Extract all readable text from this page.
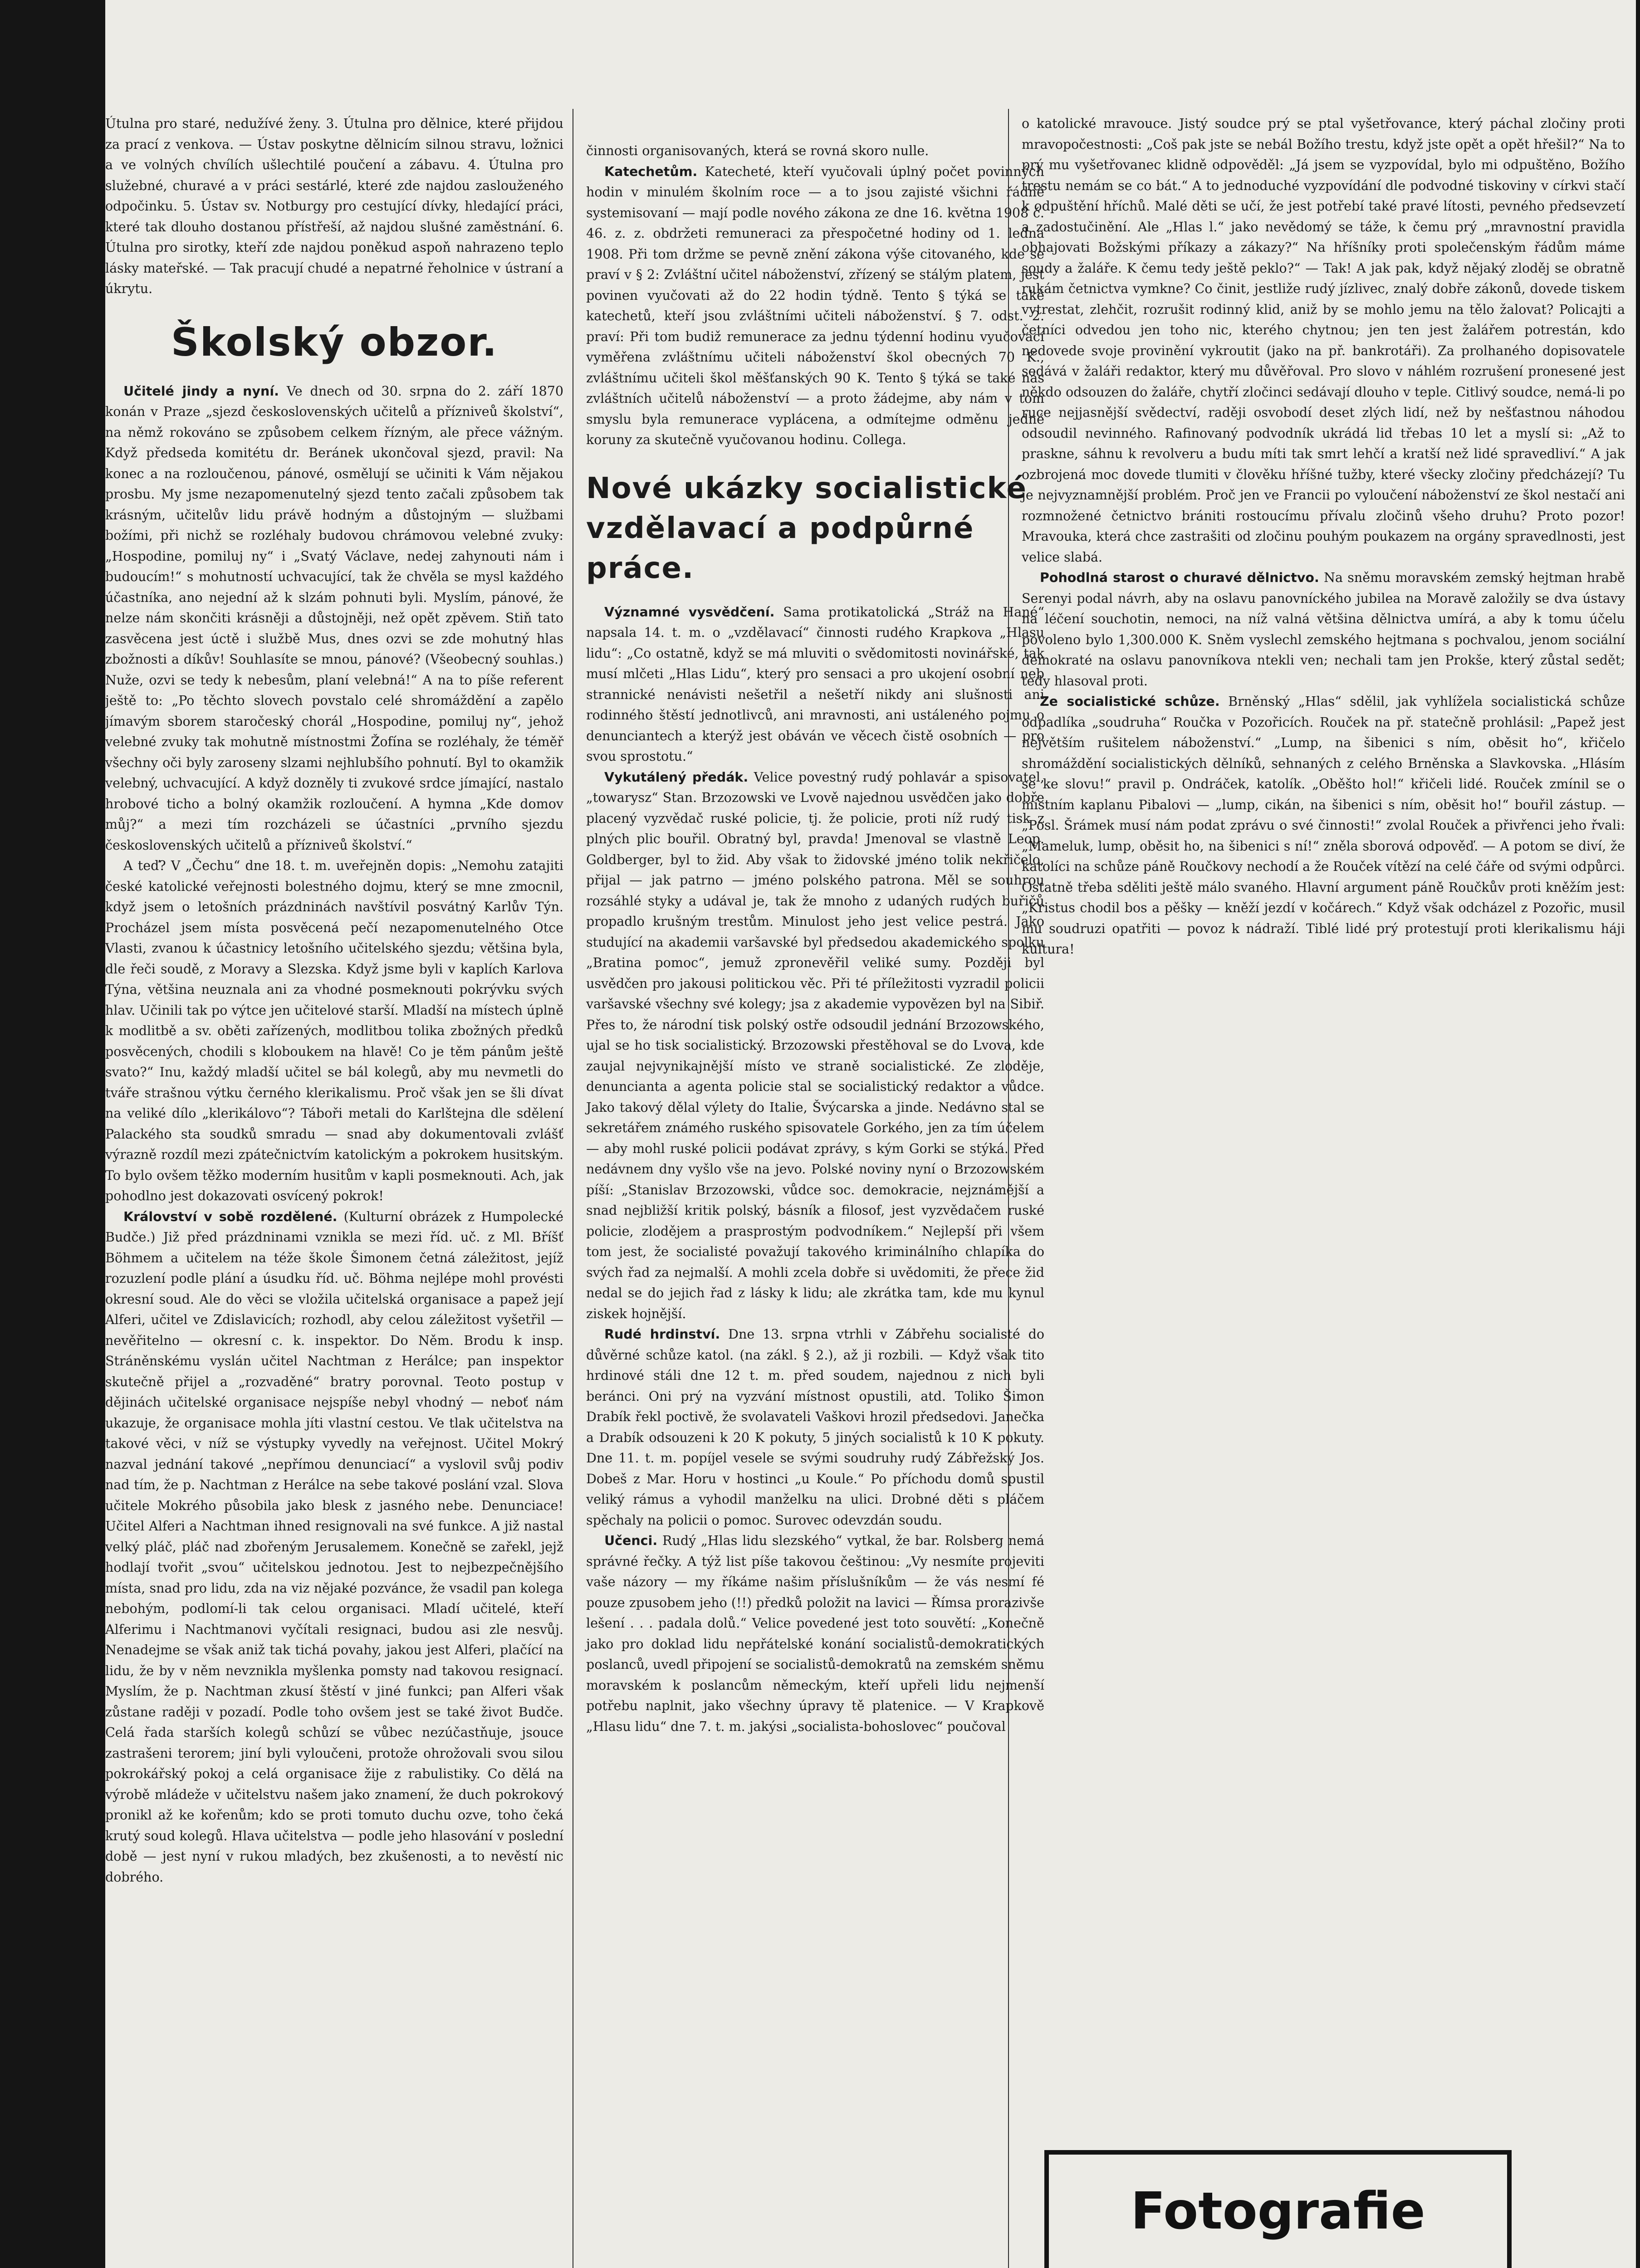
Útulna pro staré, nedužívé ženy. 3. Útulna pro dělnice, které přijdou za prací z venkova. — Ústav poskytne dělnicím silnou stravu, ložnici a ve volných chvílích ušlechtilé poučení a zábavu. 4. Útulna pro služebné, churavé a v práci sestárlé, které zde najdou zaslouženého odpočinku. 5. Ústav sv. Notburgy pro cestující dívky, hledající práci, které tak dlouho dostanou přístřeší, až najdou slušné zaměstnání. 6. Útulna pro sirotky, kteří zde najdou poněkud aspoň nahrazeno teplo lásky mateřské. — Tak pracují chudé a nepatrné řeholnice v ústraní a úkrytu.

Školský obzor.

Učitelé jindy a nyní. Ve dnech od 30. srpna do 2. září 1870 konán v Praze „sjezd československých učitelů a přízniveů školství“, na němž rokováno se způsobem celkem řízným, ale přece vážným. Když předseda komitétu dr. Beránek ukončoval sjezd, pravil: Na konec a na rozloučenou, pánové, osmělují se učiniti k Vám nějakou prosbu. My jsme nezapomenutelný sjezd tento začali způsobem tak krásným, učitelův lidu právě hodným a důstojným — službami božími, při nichž se rozléhaly budovou chrámovou velebné zvuky: „Hospodine, pomiluj ny“ i „Svatý Václave, nedej zahynouti nám i budoucím!“ s mohutností uchvacující, tak že chvěla se mysl každého účastníka, ano nejední až k slzám pohnuti byli. Myslím, pánové, že nelze nám skončiti krásněji a důstojněji, než opět zpěvem. Stiň tato zasvěcena jest úctě i službě Mus, dnes ozvi se zde mohutný hlas zbožnosti a díkův! Souhlasíte se mnou, pánové? (Všeobecný souhlas.) Nuže, ozvi se tedy k nebesům, planí velebná!“ A na to píše referent ještě to: „Po těchto slovech povstalo celé shromáždění a zapělo jímavým sborem staročeský chorál „Hospodine, pomiluj ny“, jehož velebné zvuky tak mohutně místnostmi Žofína se rozléhaly, že téměř všechny oči byly zaroseny slzami nejhlubšího pohnutí. Byl to okamžik velebný, uchvacující. A když dozněly ti zvukové srdce jímající, nastalo hrobové ticho a bolný okamžik rozloučení. A hymna „Kde domov můj?“ a mezi tím rozcházeli se účastníci „prvního sjezdu československých učitelů a přízniveů školství.“

A teď? V „Čechu“ dne 18. t. m. uveřejněn dopis: „Nemohu zatajiti české katolické veřejnosti bolestného dojmu, který se mne zmocnil, když jsem o letošních prázdninách navštívil posvátný Karlův Týn. Procházel jsem místa posvěcená pečí nezapomenutelného Otce Vlasti, zvanou k účastnicy letošního učitelského sjezdu; většina byla, dle řeči soudě, z Moravy a Slezska. Když jsme byli v kaplích Karlova Týna, většina neuznala ani za vhodné posmeknouti pokrývku svých hlav. Učinili tak po výtce jen učitelové starší. Mladší na místech úplně k modlitbě a sv. oběti zařízených, modlitbou tolika zbožných předků posvěcených, chodili s kloboukem na hlavě! Co je těm pánům ještě svato?“ Inu, každý mladší učitel se bál kolegů, aby mu nevmetli do tváře strašnou výtku černého klerikalismu. Proč však jen se šli dívat na veliké dílo „klerikálovo“? Táboři metali do Karlštejna dle sdělení Palackého sta soudků smradu — snad aby dokumentovali zvlášť výrazně rozdíl mezi zpátečnictvím katolickým a pokrokem husitským. To bylo ovšem těžko moderním husitům v kapli posmeknouti. Ach, jak pohodlno jest dokazovati osvícený pokrok!

Království v sobě rozdělené. (Kulturní obrázek z Humpolecké Budče.) Již před prázdninami vznikla se mezi říd. uč. z Ml. Bříšť Böhmem a učitelem na téže škole Šimonem četná záležitost, jejíž rozuzlení podle plání a úsudku říd. uč. Böhma nejlépe mohl provésti okresní soud. Ale do věci se vložila učitelská organisace a papež její Alferi, učitel ve Zdislavicích; rozhodl, aby celou záležitost vyšetřil — nevěřitelno — okresní c. k. inspektor. Do Něm. Brodu k insp. Stráněnskému vyslán učitel Nachtman z Herálce; pan inspektor skutečně přijel a „rozvaděné“ bratry porovnal. Teoto postup v dějinách učitelské organisace nejspíše nebyl vhodný — neboť nám ukazuje, že organisace mohla jíti vlastní cestou. Ve tlak učitelstva na takové věci, v níž se výstupky vyvedly na veřejnost. Učitel Mokrý nazval jednání takové „nepřímou denunciací“ a vyslovil svůj podiv nad tím, že p. Nachtman z Herálce na sebe takové poslání vzal. Slova učitele Mokrého působila jako blesk z jasného nebe. Denunciace! Učitel Alferi a Nachtman ihned resignovali na své funkce. A již nastal velký pláč, pláč nad zbořeným Jerusalemem. Konečně se zařekl, jejž hodlají tvořit „svou“ učitelskou jednotou. Jest to nejbezpečnějšího místa, snad pro lidu, zda na viz nějaké pozvánce, že vsadil pan kolega nebohým, podlomí-li tak celou organisaci. Mladí učitelé, kteří Alferimu i Nachtmanovi vyčítali resignaci, budou asi zle nesvůj. Nenadejme se však aniž tak tichá povahy, jakou jest Alferi, plačící na lidu, že by v něm nevznikla myšlenka pomsty nad takovou resignací. Myslím, že p. Nachtman zkusí štěstí v jiné funkci; pan Alferi však zůstane raději v pozadí. Podle toho ovšem jest se také život Budče. Celá řada starších kolegů schůzí se vůbec nezúčastňuje, jsouce zastrašeni terorem; jiní byli vyloučeni, protože ohrožovali svou silou pokrokářský pokoj a celá organisace žije z rabulistiky. Co dělá na výrobě mládeže v učitelstvu našem jako znamení, že duch pokrokový pronikl až ke kořenům; kdo se proti tomuto duchu ozve, toho čeká krutý soud kolegů. Hlava učitelstva — podle jeho hlasování v poslední době — jest nyní v rukou mladých, bez zkušenosti, a to nevěstí nic dobrého.

činnosti organisovaných, která se rovná skoro nulle.

Katechetům. Katecheté, kteří vyučovali úplný počet povinných hodin v minulém školním roce — a to jsou zajisté všichni řádně systemisovaní — mají podle nového zákona ze dne 16. května 1908 č. 46. z. z. obdržeti remuneraci za přespočetné hodiny od 1. ledna 1908. Při tom držme se pevně znění zákona výše citovaného, kde se praví v § 2: Zvláštní učitel náboženství, zřízený se stálým platem, jest povinen vyučovati až do 22 hodin týdně. Tento § týká se také katechetů, kteří jsou zvláštními učiteli náboženství. § 7. odst. 2. praví: Při tom budiž remunerace za jednu týdenní hodinu vyučovací vyměřena zvláštnímu učiteli náboženství škol obecných 70 K., zvláštnímu učiteli škol měšťanských 90 K. Tento § týká se také nás zvláštních učitelů náboženství — a proto žádejme, aby nám v tom smyslu byla remunerace vyplácena, a odmítejme odměnu jedné koruny za skutečně vyučovanou hodinu. Collega.

Nové ukázky socialistické vzdělavací a podpůrné práce.

Významné vysvědčení. Sama protikatolická „Stráž na Hané“ napsala 14. t. m. o „vzdělavací“ činnosti rudého Krapkova „Hlasu lidu“: „Co ostatně, když se má mluviti o svědomitosti novinářské, tak musí mlčeti „Hlas Lidu“, který pro sensaci a pro ukojení osobní neb strannické nenávisti nešetřil a nešetří nikdy ani slušnosti ani rodinného štěstí jednotlivců, ani mravnosti, ani ustáleného pojmu o denunciantech a kterýž jest obáván ve věcech čistě osobních — pro svou sprostotu.“

Vykutálený předák. Velice povestný rudý pohlavár a spisovatel, „towarysz“ Stan. Brzozowski ve Lvově najednou usvědčen jako dobře placený vyzvědač ruské policie, tj. že policie, proti níž rudý tisk z plných plic bouřil. Obratný byl, pravda! Jmenoval se vlastně Leop. Goldberger, byl to žid. Aby však to židovské jméno tolik nekřičelo, přijal — jak patrno — jméno polského patrona. Měl se souhrou rozsáhlé styky a udával je, tak že mnoho z udaných rudých buřičů propadlo krušným trestům. Minulost jeho jest velice pestrá. Jako studující na akademii varšavské byl předsedou akademického spolku „Bratina pomoc“, jemuž zpronevěřil veliké sumy. Později byl usvědčen pro jakousi politickou věc. Při té příležitosti vyzradil policii varšavské všechny své kolegy; jsa z akademie vypovězen byl na Sibiř. Přes to, že národní tisk polský ostře odsoudil jednání Brzozowského, ujal se ho tisk socialistický. Brzozowski přestěhoval se do Lvova, kde zaujal nejvynikajnější místo ve straně socialistické. Ze zloděje, denuncianta a agenta policie stal se socialistický redaktor a vůdce. Jako takový dělal výlety do Italie, Švýcarska a jinde. Nedávno stal se sekretářem známého ruského spisovatele Gorkého, jen za tím účelem — aby mohl ruské policii podávat zprávy, s kým Gorki se stýká. Před nedávnem dny vyšlo vše na jevo. Polské noviny nyní o Brzozowském píší: „Stanislav Brzozowski, vůdce soc. demokracie, nejznámější a snad nejbližší kritik polský, básník a filosof, jest vyzvědačem ruské policie, zlodějem a prasprostým podvodníkem.“ Nejlepší při všem tom jest, že socialisté považují takového kriminálního chlapíka do svých řad za nejmalší. A mohli zcela dobře si uvědomiti, že přece žid nedal se do jejich řad z lásky k lidu; ale zkrátka tam, kde mu kynul ziskek hojnější.

Rudé hrdinství. Dne 13. srpna vtrhli v Zábřehu socialisté do důvěrné schůze katol. (na zákl. § 2.), až ji rozbili. — Když však tito hrdinové stáli dne 12 t. m. před soudem, najednou z nich byli beránci. Oni prý na vyzvání místnost opustili, atd. Toliko Šimon Drabík řekl poctivě, že svolavateli Vaškovi hrozil předsedovi. Janečka a Drabík odsouzeni k 20 K pokuty, 5 jiných socialistů k 10 K pokuty. Dne 11. t. m. popíjel vesele se svými soudruhy rudý Zábřežský Jos. Dobeš z Mar. Horu v hostinci „u Koule.“ Po příchodu domů spustil veliký rámus a vyhodil manželku na ulici. Drobné děti s pláčem spěchaly na policii o pomoc. Surovec odevzdán soudu.

Učenci. Rudý „Hlas lidu slezského“ vytkal, že bar. Rolsberg nemá správné řečky. A týž list píše takovou češtinou: „Vy nesmíte projeviti vaše názory — my říkáme našim příslušníkům — že vás nesmí fé pouze zpusobem jeho (!!) předků položit na lavici — Římsa prorazivše lešení . . . padala dolů.“ Velice povedené jest toto souvětí: „Konečně jako pro doklad lidu nepřátelské konání socialistů-demokratických poslanců, uvedl připojení se socialistů-demokratů na zemském sněmu moravském k poslancům německým, kteří upřeli lidu nejmenší potřebu naplnit, jako všechny úpravy tě platenice. — V Krapkově „Hlasu lidu“ dne 7. t. m. jakýsi „socialista-bohoslovec“ poučoval

o katolické mravouce. Jistý soudce prý se ptal vyšetřovance, který páchal zločiny proti mravopočestnosti: „Coš pak jste se nebál Božího trestu, když jste opět a opět hřešil?“ Na to prý mu vyšetřovanec klidně odpověděl: „Já jsem se vyzpovídal, bylo mi odpuštěno, Božího trestu nemám se co bát.“ A to jednoduché vyzpovídání dle podvodné tiskoviny v církvi stačí k odpuštění hříchů. Malé děti se učí, že jest potřebí také pravé lítosti, pevného předsevzetí a zadostučinění. Ale „Hlas l.“ jako nevědomý se táže, k čemu prý „mravnostní pravidla obhajovati Božskými příkazy a zákazy?“ Na hříšníky proti společenským řádům máme soudy a žaláře. K čemu tedy ještě peklo?“ — Tak! A jak pak, když nějaký zloděj se obratně rukám četnictva vymkne? Co činit, jestliže rudý jízlivec, znalý dobře zákonů, dovede tiskem vytrestat, zlehčit, rozrušit rodinný klid, aniž by se mohlo jemu na tělo žalovat? Policajti a četníci odvedou jen toho nic, kterého chytnou; jen ten jest žalářem potrestán, kdo nedovede svoje provinění vykroutit (jako na př. bankrotáři). Za prolhaného dopisovatele sedává v žaláři redaktor, který mu důvěřoval. Pro slovo v náhlém rozrušení pronesené jest někdo odsouzen do žaláře, chytří zločinci sedávají dlouho v teple. Citlivý soudce, nemá-li po ruce nejjasnější svědectví, raději osvobodí deset zlých lidí, než by nešťastnou náhodou odsoudil nevinného. Rafinovaný podvodník ukrádá lid třebas 10 let a myslí si: „Až to praskne, sáhnu k revolveru a budu míti tak smrt lehčí a kratší než lidé spravedliví.“ A jak ozbrojená moc dovede tlumiti v člověku hříšné tužby, které všecky zločiny předcházejí? Tu je nejvyznamnější problém. Proč jen ve Francii po vyloučení náboženství ze škol nestačí ani rozmnožené četnictvo brániti rostoucímu přívalu zločinů všeho druhu? Proto pozor! Mravouka, která chce zastrašiti od zločinu pouhým poukazem na orgány spravedlnosti, jest velice slabá.

Pohodlná starost o churavé dělnictvo. Na sněmu moravském zemský hejtman hrabě Serenyi podal návrh, aby na oslavu panovníckého jubilea na Moravě založily se dva ústavy na léčení souchotin, nemoci, na níž valná většina dělnictva umírá, a aby k tomu účelu povoleno bylo 1,300.000 K. Sněm vyslechl zemského hejtmana s pochvalou, jenom sociální demokraté na oslavu panovníkova ntekli ven; nechali tam jen Prokše, který zůstal sedět; tedy hlasoval proti.

Ze socialistické schůze. Brněnský „Hlas“ sdělil, jak vyhlížela socialistická schůze odpadlíka „soudruha“ Roučka v Pozořicích. Rouček na př. statečně prohlásil: „Papež jest největším rušitelem náboženství.“ „Lump, na šibenici s ním, oběsit ho“, křičelo shromáždění socialistických dělníků, sehnaných z celého Brněnska a Slavkovska. „Hlásím se ke slovu!“ pravil p. Ondráček, katolík. „Oběšto hol!“ křičeli lidé. Rouček zmínil se o místním kaplanu Pibalovi — „lump, cikán, na šibenici s ním, oběsit ho!“ bouřil zástup. — „Posl. Šrámek musí nám podat zprávu o své činnosti!“ zvolal Rouček a přivřenci jeho řvali: „Mameluk, lump, oběsit ho, na šibenici s ní!“ zněla sborová odpověď. — A potom se diví, že katolíci na schůze páně Roučkovy nechodí a že Rouček vítězí na celé čáře od svými odpůrci. Ostatně třeba sděliti ještě málo svaného. Hlavní argument páně Roučkův proti kněžím jest: „Kristus chodil bos a pěšky — kněží jezdí v kočárech.“ Když však odcházel z Pozořic, musil mu soudruzi opatřiti — povoz k nádraží. Tiblé lidé prý protestují proti klerikalismu háji kultura!

Fotografie
